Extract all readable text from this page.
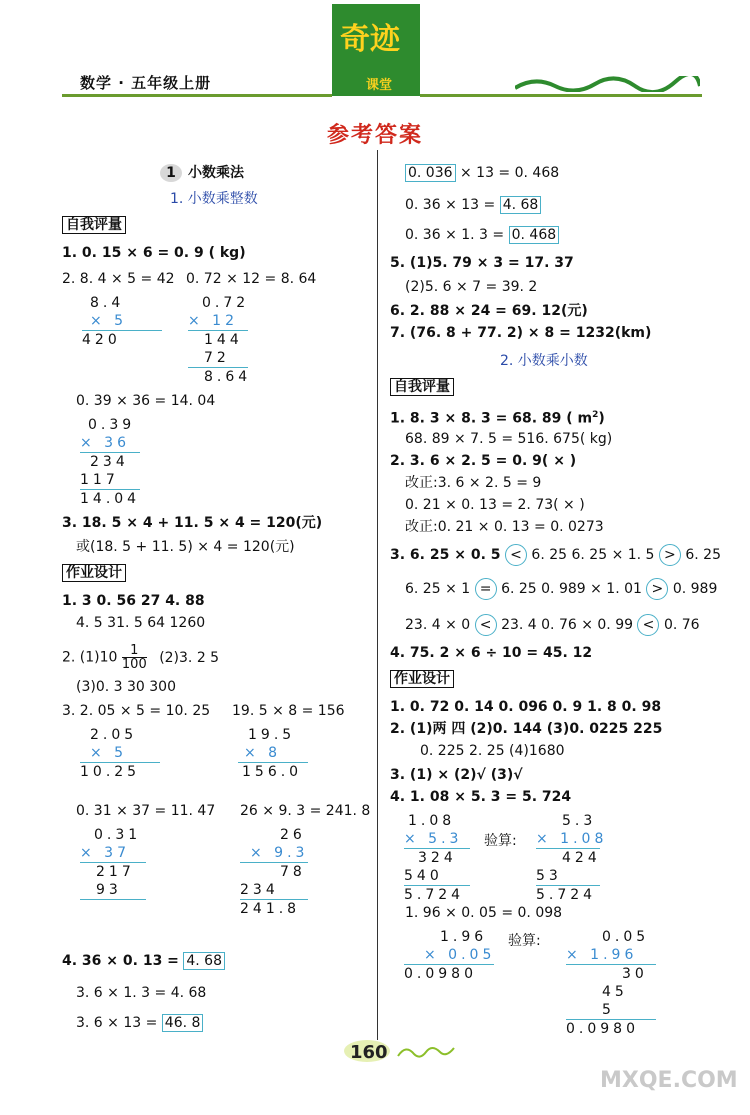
数学 · 五年级上册
奇迹
课堂
参考答案
1 小数乘法
1. 小数乘整数
自我评量
1. 0. 15 × 6 = 0. 9 ( kg)
2. 8. 4 × 5 = 42 0. 72 × 12 = 8. 64
8.4
× 5
420
0.72
× 12
144
72
8.64
0. 39 × 36 = 14. 04
0.39
× 36
234
117
14.04
3. 18. 5 × 4 + 11. 5 × 4 = 120(元)
或(18. 5 + 11. 5) × 4 = 120(元)
作业设计
1. 3 0. 56 27 4. 88
4. 5 31. 5 64 1260
2. $(1)10 \frac{1}{100} (2)3$. 2 5
(3)0. 3 30 300
3. 2. 05 × 5 = 10. 25 19. 5 × 8 = 156
2.05
× 5
10.25
19.5
× 8
156.0
0. 31 × 37 = 11. 47 26 × 9. 3 = 241. 8
0.31
× 37
217
93
26
× 9.3
78
234
241.8
4. 36 × 0. 13 = 4. 68
3. 6 × 1. 3 = 4. 68
3. 6 × 13 = 46. 8
0. 036 × 13 = 0. 468
0. 36 × 13 = 4. 68
0. 36 × 1. 3 = 0. 468
5. (1)5. 79 × 3 = 17. 37
(2)5. 6 × 7 = 39. 2
6. 2. 88 × 24 = 69. 12(元)
7. (76. 8 + 77. 2) × 8 = 1232(km)
2. 小数乘小数
自我评量
1. 8. 3 × 8. 3 = 68. 89 ( $m^2$)
68. 89 × 7. 5 = 516. 675( kg)
2. 3. 6 × 2. 5 = 0. 9( × )
改正:3. 6 × 2. 5 = 9
0. 21 × 0. 13 = 2. 73( × )
改正:0. 21 × 0. 13 = 0. 0273
3. 6. 25 × 0. 5 < 6. 25 6. 25 × 1. 5 > 6. 25
6. 25 × 1 = 6. 25 0. 989 × 1. 01 > 0. 989
23. 4 × 0 < 23. 4 0. 76 × 0. 99 < 0. 76
4. 75. 2 × 6 ÷ 10 = 45. 12
作业设计
1. 0. 72 0. 14 0. 096 0. 9 1. 8 0. 98
2. (1)两 四 (2)0. 144 (3)0. 0225 225
0. 225 2. 25 (4)1680
3. (1) × (2)√ (3)√
4. 1. 08 × 5. 3 = 5. 724
1.08
× 5.3
324
540
5.724
验算:
5.3
× 1.08
424
53
5.724
1. 96 × 0. 05 = 0. 098
1.96
× 0.05
0.0980
验算:	0.05
× 1.96
30
45
5
0.0980
160
MXQE.COM
